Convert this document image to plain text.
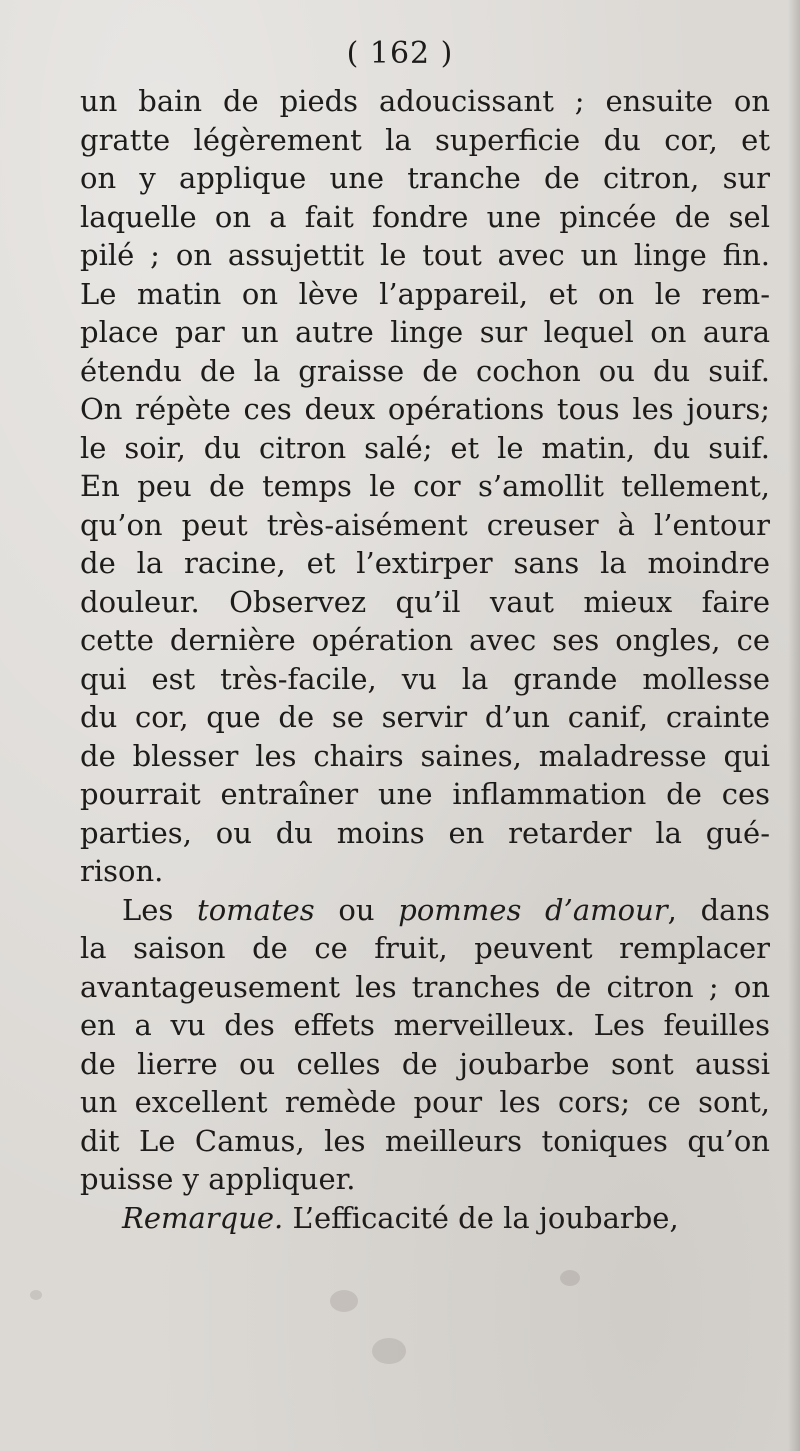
( 162 )
un bain de pieds adoucissant ; ensuite on
gratte légèrement la superficie du cor, et
on y applique une tranche de citron, sur
laquelle on a fait fondre une pincée de sel
pilé ; on assujettit le tout avec un linge fin.
Le matin on lève l’appareil, et on le rem-
place par un autre linge sur lequel on aura
étendu de la graisse de cochon ou du suif.
On répète ces deux opérations tous les jours;
le soir, du citron salé; et le matin, du suif.
En peu de temps le cor s’amollit tellement,
qu’on peut très-aisément creuser à l’entour
de la racine, et l’extirper sans la moindre
douleur. Observez qu’il vaut mieux faire
cette dernière opération avec ses ongles, ce
qui est très-facile, vu la grande mollesse
du cor, que de se servir d’un canif, crainte
de blesser les chairs saines, maladresse qui
pourrait entraîner une inflammation de ces
parties, ou du moins en retarder la gué-
rison.
Les tomates ou pommes d’amour, dans
la saison de ce fruit, peuvent remplacer
avantageusement les tranches de citron ; on
en a vu des effets merveilleux. Les feuilles
de lierre ou celles de joubarbe sont aussi
un excellent remède pour les cors; ce sont,
dit Le Camus, les meilleurs toniques qu’on
puisse y appliquer.
Remarque. L’efficacité de la joubarbe,
